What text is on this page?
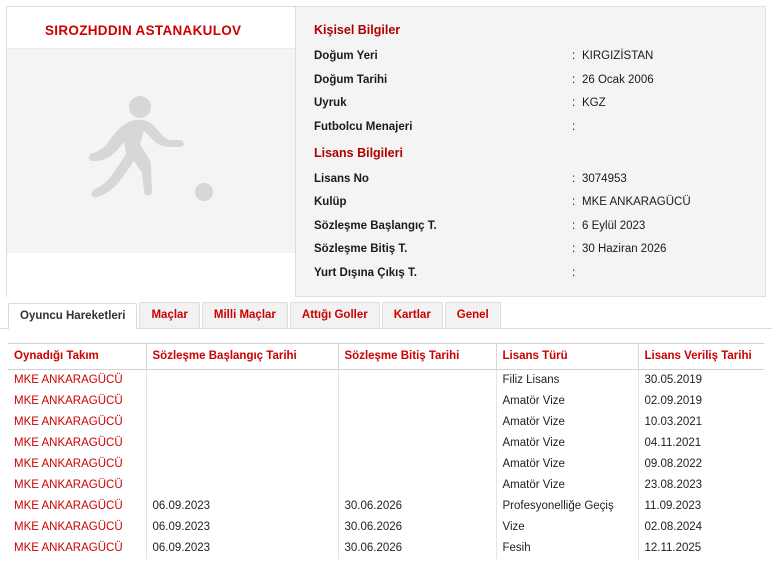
SIROZHDDIN ASTANAKULOV	Kişisel Bilgiler
Doğum Yeri	: KIRGIZİSTAN
Doğum Tarihi	: 26 Ocak 2006
Uyruk	: KGZ
Futbolcu Menajeri	:
Lisans Bilgileri
Lisans No	: 3074953
Kulüp	: MKE ANKARAGÜCÜ
Sözleşme Başlangıç T.	: 6 Eylül 2023
Sözleşme Bitiş T.	: 30 Haziran 2026
Yurt Dışına Çıkış T.	:
Oyuncu Hareketleri	Maçlar	Milli Maçlar	Attığı Goller	Kartlar	Genel
Oynadığı Takım	Sözleşme Başlangıç Tarihi	Sözleşme Bitiş Tarihi	Lisans Türü	Lisans Veriliş Tarihi
MKE ANKARAGÜCÜ			Filiz Lisans	30.05.2019
MKE ANKARAGÜCÜ			Amatör Vize	02.09.2019
MKE ANKARAGÜCÜ			Amatör Vize	10.03.2021
MKE ANKARAGÜCÜ			Amatör Vize	04.11.2021
MKE ANKARAGÜCÜ			Amatör Vize	09.08.2022
MKE ANKARAGÜCÜ			Amatör Vize	23.08.2023
MKE ANKARAGÜCÜ	06.09.2023	30.06.2026	Profesyonelliğe Geçiş	11.09.2023
MKE ANKARAGÜCÜ	06.09.2023	30.06.2026	Vize	02.08.2024
MKE ANKARAGÜCÜ	06.09.2023	30.06.2026	Fesih	12.11.2025
